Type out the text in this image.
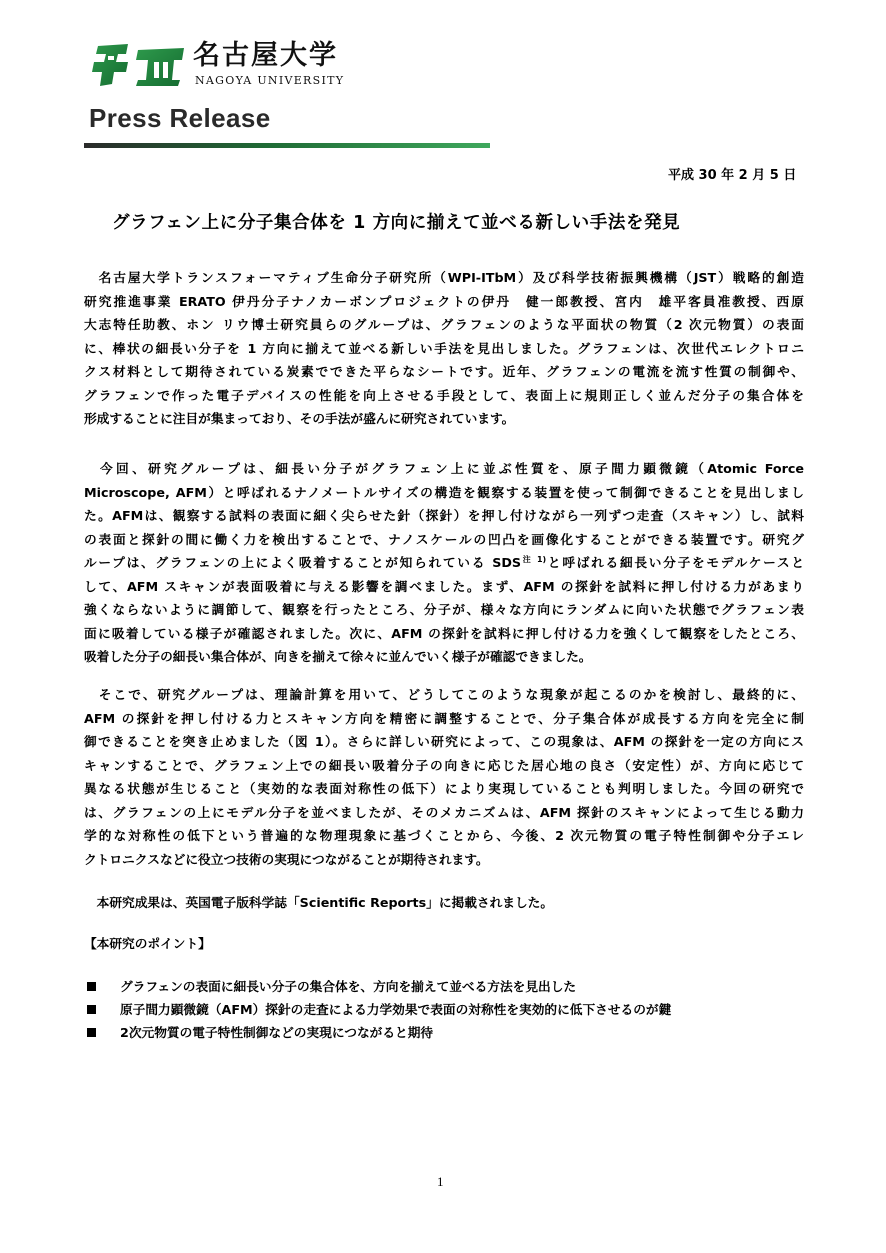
名古屋大学
NAGOYA UNIVERSITY
Press Release
平成 30 年 2 月 5 日
グラフェン上に分子集合体を 1 方向に揃えて並べる新しい手法を発見
　名古屋大学トランスフォーマティブ生命分子研究所（WPI-ITbM）及び科学技術振興機構（JST）戦略的創造
研究推進事業 ERATO 伊丹分子ナノカーボンプロジェクトの伊丹　健一郎教授、宮内　雄平客員准教授、西原
大志特任助教、ホン リウ博士研究員らのグループは、グラフェンのような平面状の物質（2 次元物質）の表面
に、棒状の細長い分子を 1 方向に揃えて並べる新しい手法を見出しました。グラフェンは、次世代エレクトロニ
クス材料として期待されている炭素でできた平らなシートです。近年、グラフェンの電流を流す性質の制御や、
グラフェンで作った電子デバイスの性能を向上させる手段として、表面上に規則正しく並んだ分子の集合体を
形成することに注目が集まっており、その手法が盛んに研究されています。
　今回、研究グループは、細長い分子がグラフェン上に並ぶ性質を、原子間力顕微鏡（Atomic Force
Microscope, AFM）と呼ばれるナノメートルサイズの構造を観察する装置を使って制御できることを見出しまし
た。AFMは、観察する試料の表面に細く尖らせた針（探針）を押し付けながら一列ずつ走査（スキャン）し、試料
の表面と探針の間に働く力を検出することで、ナノスケールの凹凸を画像化することができる装置です。研究グ
ループは、グラフェンの上によく吸着することが知られている $SDS^{注 1)}$と呼ばれる細長い分子をモデルケースと
して、AFM スキャンが表面吸着に与える影響を調べました。まず、AFM の探針を試料に押し付ける力があまり
強くならないように調節して、観察を行ったところ、分子が、様々な方向にランダムに向いた状態でグラフェン表
面に吸着している様子が確認されました。次に、AFM の探針を試料に押し付ける力を強くして観察をしたところ、
吸着した分子の細長い集合体が、向きを揃えて徐々に並んでいく様子が確認できました。
　そこで、研究グループは、理論計算を用いて、どうしてこのような現象が起こるのかを検討し、最終的に、
AFM の探針を押し付ける力とスキャン方向を精密に調整することで、分子集合体が成長する方向を完全に制
御できることを突き止めました（図 1）。さらに詳しい研究によって、この現象は、AFM の探針を一定の方向にス
キャンすることで、グラフェン上での細長い吸着分子の向きに応じた居心地の良さ（安定性）が、方向に応じて
異なる状態が生じること（実効的な表面対称性の低下）により実現していることも判明しました。今回の研究で
は、グラフェンの上にモデル分子を並べましたが、そのメカニズムは、AFM 探針のスキャンによって生じる動力
学的な対称性の低下という普遍的な物理現象に基づくことから、今後、2 次元物質の電子特性制御や分子エレ
クトロニクスなどに役立つ技術の実現につながることが期待されます。
　本研究成果は、英国電子版科学誌「Scientific Reports」に掲載されました。
【本研究のポイント】
グラフェンの表面に細長い分子の集合体を、方向を揃えて並べる方法を見出した
原子間力顕微鏡（AFM）探針の走査による力学効果で表面の対称性を実効的に低下させるのが鍵
2次元物質の電子特性制御などの実現につながると期待
1
